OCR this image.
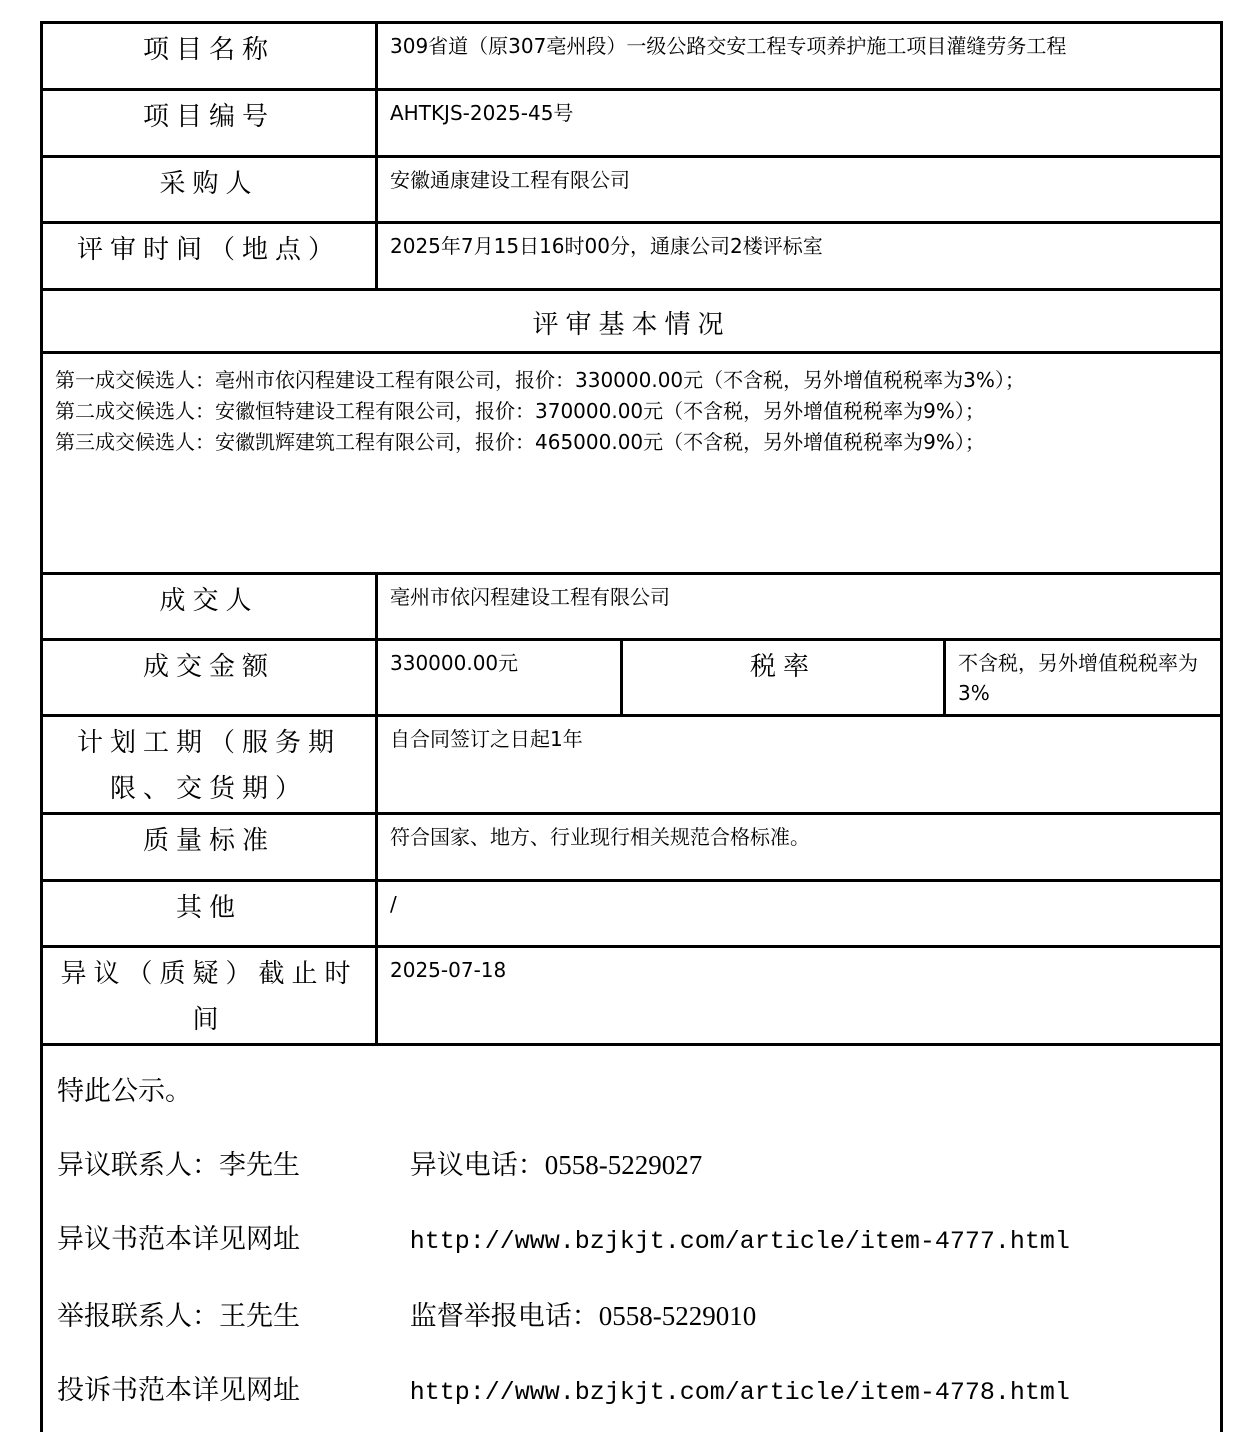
项目名称	309省道（原307亳州段）一级公路交安工程专项养护施工项目灌缝劳务工程		
项目编号	AHTKJS-2025-45号		
采购人	安徽通康建设工程有限公司		
评审时间（地点）	2025年7月15日16时00分，通康公司2楼评标室		
评审基本情况			

第一成交候选人：亳州市依闪程建设工程有限公司，报价：330000.00元（不含税，另外增值税税率为3%）；
第二成交候选人：安徽恒特建设工程有限公司，报价：370000.00元（不含税，另外增值税税率为9%）；
第三成交候选人：安徽凯辉建筑工程有限公司，报价：465000.00元（不含税，另外增值税税率为9%）；			

成交人	亳州市依闪程建设工程有限公司		
成交金额	330000.00元	税率	不含税，另外增值税税率为3%
计划工期（服务期限、交货期）	自合同签订之日起1年		
质量标准	符合国家、地方、行业现行相关规范合格标准。		
其他	/		
异议（质疑）截止时间	2025-07-18		

特此公示。
异议联系人：李先生 异议电话：0558-5229027
异议书范本详见网址 http://www.bzjkjt.com/article/item-4777.html
举报联系人：王先生 监督举报电话：0558-5229010
投诉书范本详见网址 http://www.bzjkjt.com/article/item-4778.html			
